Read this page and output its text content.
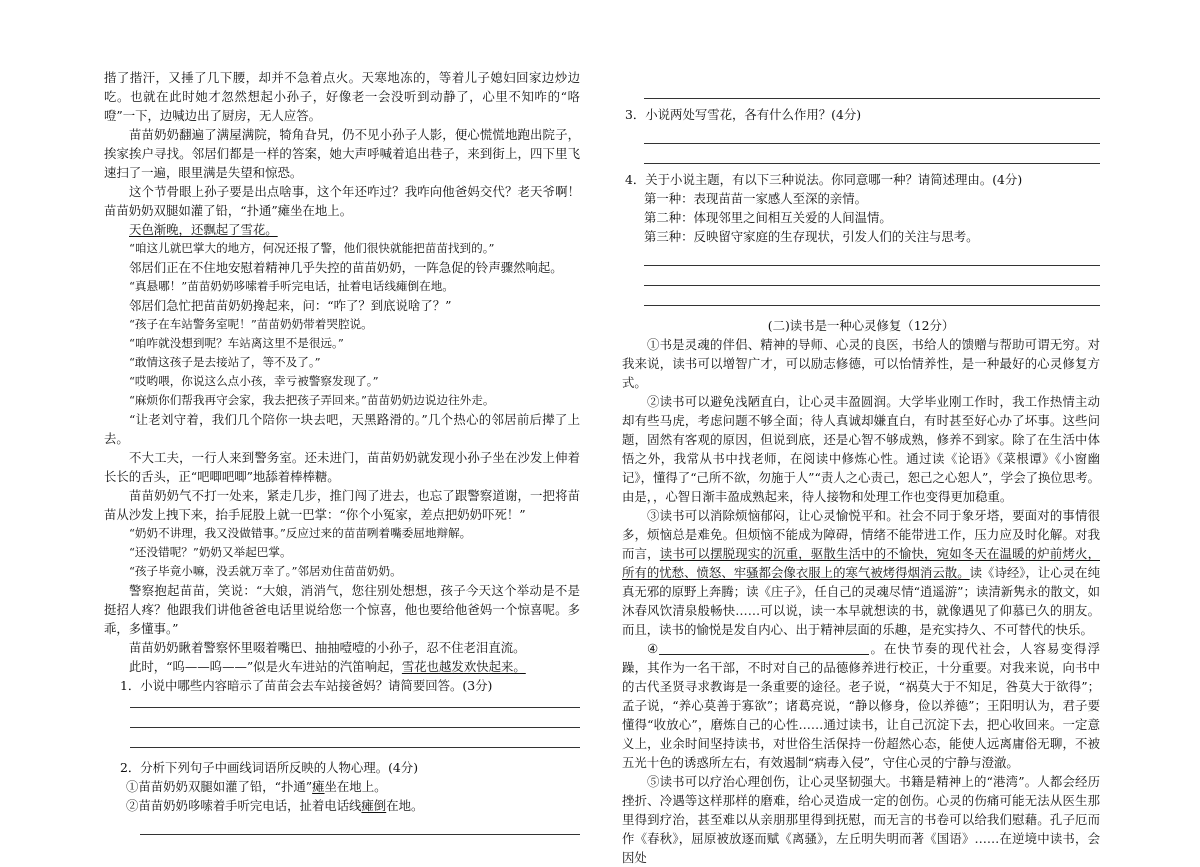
揩了揩汗，又捶了几下腰，却并不急着点火。天寒地冻的，等着儿子媳妇回家边炒边吃。也就在此时她才忽然想起小孙子，好像老一会没听到动静了，心里不知咋的“咯噔”一下，边喊边出了厨房，无人应答。

苗苗奶奶翻遍了满屋满院，犄角旮旯，仍不见小孙子人影，便心慌慌地跑出院子，挨家挨户寻找。邻居们都是一样的答案，她大声呼喊着追出巷子，来到街上，四下里飞速扫了一遍，眼里满是失望和惊恐。

这个节骨眼上孙子要是出点啥事，这个年还咋过？我咋向他爸妈交代？老天爷啊！苗苗奶奶双腿如灌了铅，“扑通”瘫坐在地上。

天色渐晚，还飘起了雪花。

“咱这儿就巴掌大的地方，何况还报了警，他们很快就能把苗苗找到的。”

邻居们正在不住地安慰着精神几乎失控的苗苗奶奶，一阵急促的铃声骤然响起。

“真悬哪！”苗苗奶奶哆嗦着手听完电话，扯着电话线瘫倒在地。

邻居们急忙把苗苗奶奶搀起来，问：“咋了？到底说啥了？”

“孩子在车站警务室呢！”苗苗奶奶带着哭腔说。

“咱咋就没想到呢？车站离这里不是很远。”

“敢情这孩子是去接站了，等不及了。”

“哎哟喂，你说这么点小孩，幸亏被警察发现了。”

“麻烦你们帮我再守会家，我去把孩子弄回来。”苗苗奶奶边说边往外走。

“让老刘守着，我们几个陪你一块去吧，天黑路滑的。”几个热心的邻居前后撵了上去。

不大工夫，一行人来到警务室。还未进门，苗苗奶奶就发现小孙子坐在沙发上伸着长长的舌头，正“吧唧吧唧”地舔着棒棒糖。

苗苗奶奶气不打一处来，紧走几步，推门闯了进去，也忘了跟警察道谢，一把将苗苗从沙发上拽下来，抬手屁股上就一巴掌：“你个小冤家，差点把奶奶吓死！”

“奶奶不讲理，我又没做错事。”反应过来的苗苗咧着嘴委屈地辩解。

“还没错呢？”奶奶又举起巴掌。

“孩子毕竟小嘛，没丢就万幸了。”邻居劝住苗苗奶奶。

警察抱起苗苗，笑说：“大娘，消消气，您往别处想想，孩子今天这个举动是不是挺招人疼？他跟我们讲他爸爸电话里说给您一个惊喜，他也要给他爸妈一个惊喜呢。多乖，多懂事。”

苗苗奶奶瞅着警察怀里啜着嘴巴、抽抽噎噎的小孙子，忍不住老泪直流。

此时，“呜——呜——”似是火车进站的汽笛响起，雪花也越发欢快起来。

1．小说中哪些内容暗示了苗苗会去车站接爸妈？请简要回答。(3分)

2．分析下列句子中画线词语所反映的人物心理。(4分)

①苗苗奶奶双腿如灌了铅，“扑通”瘫坐在地上。

②苗苗奶奶哆嗦着手听完电话，扯着电话线瘫倒在地。

3．小说两处写雪花，各有什么作用？(4分)

4．关于小说主题，有以下三种说法。你同意哪一种？请简述理由。(4分)

第一种：表现苗苗一家感人至深的亲情。

第二种：体现邻里之间相互关爱的人间温情。

第三种：反映留守家庭的生存现状，引发人们的关注与思考。

(二)读书是一种心灵修复（12分）

①书是灵魂的伴侣、精神的导师、心灵的良医，书给人的馈赠与帮助可谓无穷。对我来说，读书可以增智广才，可以励志修德，可以怡情养性，是一种最好的心灵修复方式。

②读书可以避免浅陋直白，让心灵丰盈圆润。大学毕业刚工作时，我工作热情主动却有些马虎，考虑问题不够全面；待人真诚却嫌直白，有时甚至好心办了坏事。这些问题，固然有客观的原因，但说到底，还是心智不够成熟，修养不到家。除了在生活中体悟之外，我常从书中找老师，在阅读中修炼心性。通过读《论语》《菜根谭》《小窗幽记》，懂得了“己所不欲，勿施于人”“责人之心责己，恕己之心恕人”，学会了换位思考。由是，，心智日渐丰盈成熟起来，待人接物和处理工作也变得更加稳重。

③读书可以消除烦恼郁闷，让心灵愉悦平和。社会不同于象牙塔，要面对的事情很多，烦恼总是难免。但烦恼不能成为障碍，情绪不能带进工作，压力应及时化解。对我而言，读书可以摆脱现实的沉重，驱散生活中的不愉快，宛如冬天在温暖的炉前烤火，所有的忧愁、愤怒、牢骚都会像衣服上的寒气被烤得烟消云散。读《诗经》，让心灵在纯真无邪的原野上奔腾；读《庄子》，任自己的灵魂尽情“逍遥游”；读清新隽永的散文，如沐春风饮清泉般畅快……可以说，读一本早就想读的书，就像遇见了仰慕已久的朋友。而且，读书的愉悦是发自内心、出于精神层面的乐趣，是充实持久、不可替代的快乐。

④	。在快节奏的现代社会，人容易变得浮躁，其作为一名干部，不时对自己的品德修养进行校正，十分重要。对我来说，向书中的古代圣贤寻求教诲是一条重要的途径。老子说，“祸莫大于不知足，咎莫大于欲得”；孟子说，“养心莫善于寡欲”；诸葛亮说，“静以修身，俭以养德”；王阳明认为，君子要懂得“收放心”，磨炼自己的心性……通过读书，让自己沉淀下去，把心收回来。一定意义上，业余时间坚持读书，对世俗生活保持一份超然心态，能使人远离庸俗无聊，不被五光十色的诱惑所左右，有效遏制“病毒入侵”，守住心灵的宁静与澄澈。

⑤读书可以疗治心理创伤，让心灵坚韧强大。书籍是精神上的“港湾”。人都会经历挫折、冷遇等这样那样的磨难，给心灵造成一定的创伤。心灵的伤痛可能无法从医生那里得到疗治，甚至难以从亲朋那里得到抚慰，而无言的书卷可以给我们慰藉。孔子厄而作《春秋》，屈原被放逐而赋《离骚》，左丘明失明而著《国语》……在逆境中读书，会因处
